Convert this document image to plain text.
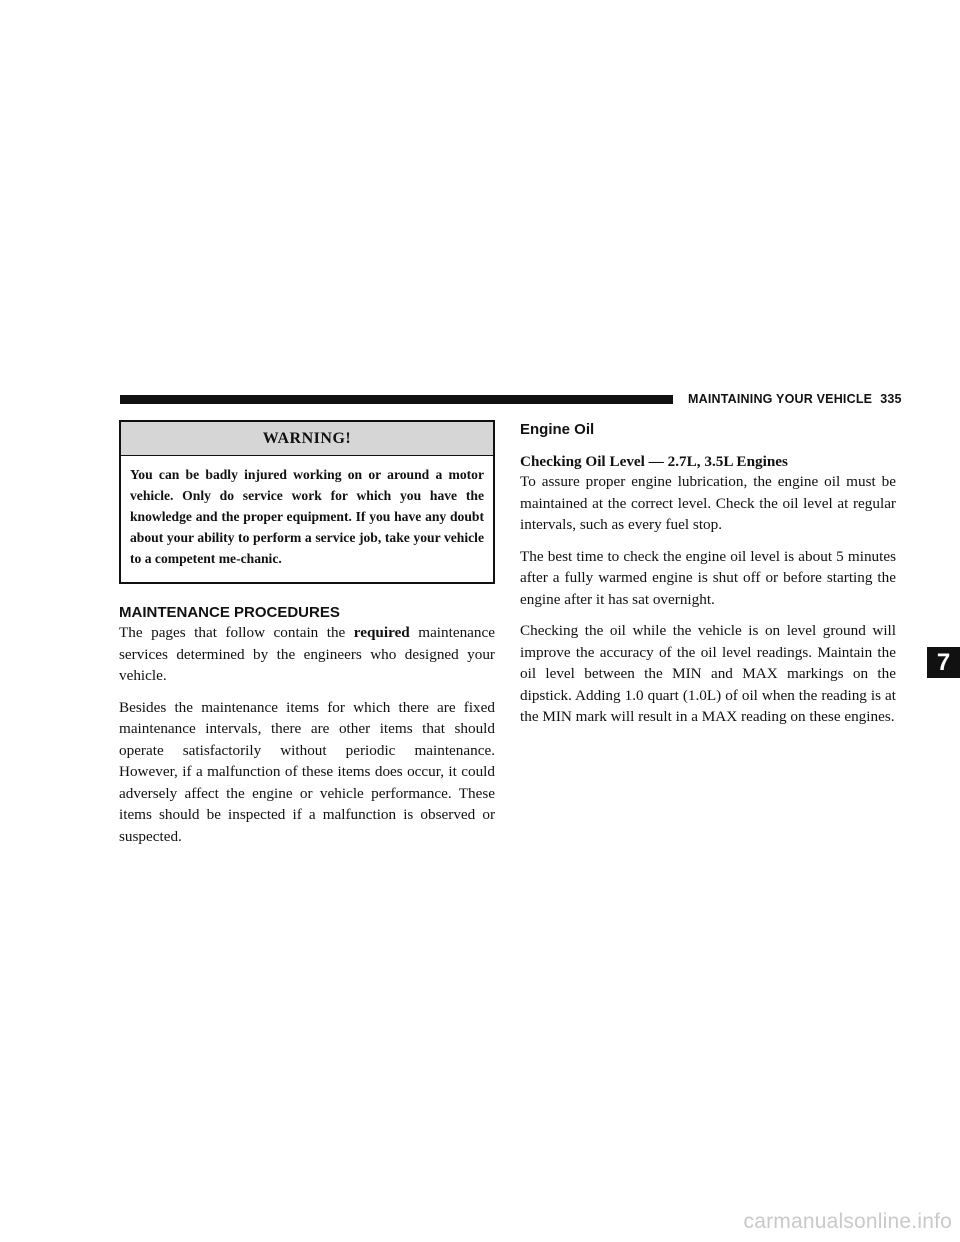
MAINTAINING YOUR VEHICLE 335
WARNING!
You can be badly injured working on or around a motor vehicle. Only do service work for which you have the knowledge and the proper equipment. If you have any doubt about your ability to perform a service job, take your vehicle to a competent me-chanic.
MAINTENANCE PROCEDURES

The pages that follow contain the required maintenance services determined by the engineers who designed your vehicle.

Besides the maintenance items for which there are fixed maintenance intervals, there are other items that should operate satisfactorily without periodic maintenance. However, if a malfunction of these items does occur, it could adversely affect the engine or vehicle performance. These items should be inspected if a malfunction is observed or suspected.

Engine Oil
Checking Oil Level — 2.7L, 3.5L Engines

To assure proper engine lubrication, the engine oil must be maintained at the correct level. Check the oil level at regular intervals, such as every fuel stop.

The best time to check the engine oil level is about 5 minutes after a fully warmed engine is shut off or before starting the engine after it has sat overnight.

Checking the oil while the vehicle is on level ground will improve the accuracy of the oil level readings. Maintain the oil level between the MIN and MAX markings on the dipstick. Adding 1.0 quart (1.0L) of oil when the reading is at the MIN mark will result in a MAX reading on these engines.

7
carmanualsonline.info
